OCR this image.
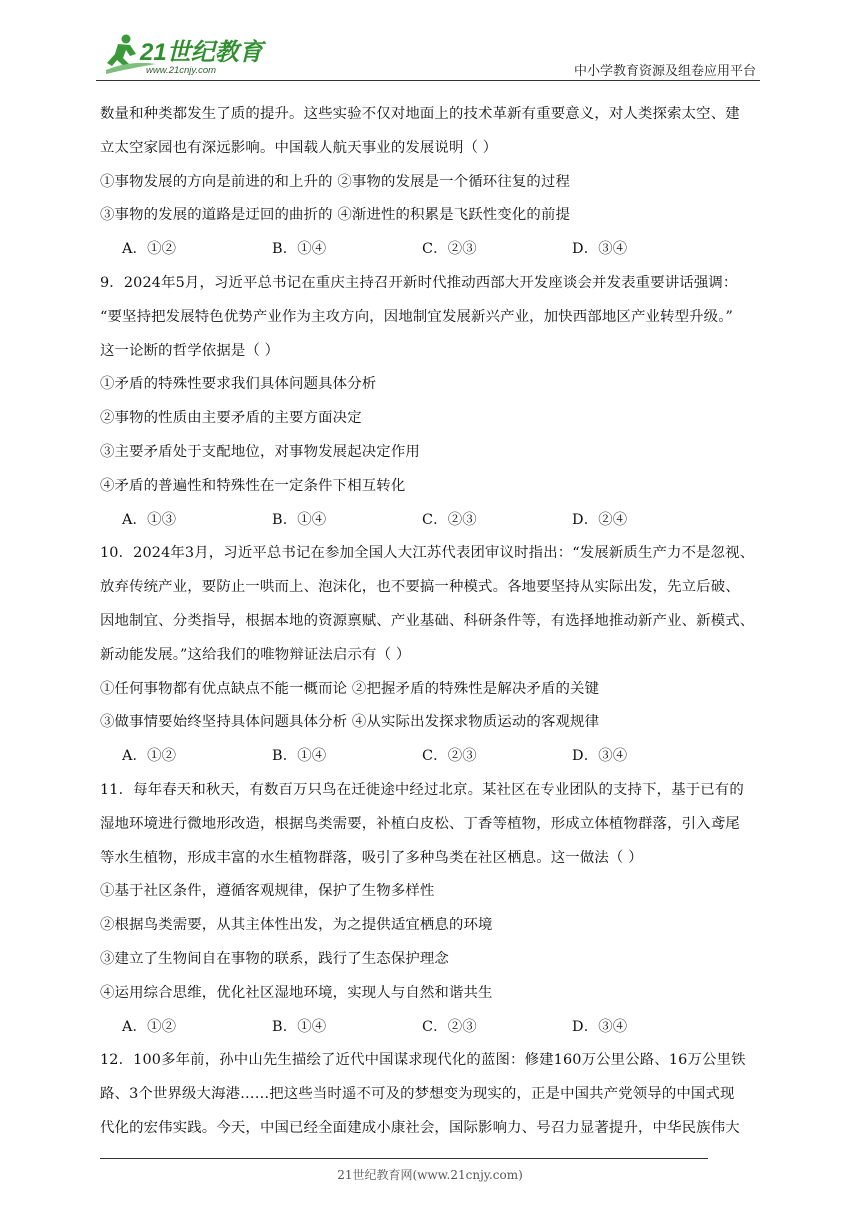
21世纪教育
www.21cnjy.com	中小学教育资源及组卷应用平台
数量和种类都发生了质的提升。这些实验不仅对地面上的技术革新有重要意义，对人类探索太空、建
立太空家园也有深远影响。中国载人航天事业的发展说明（ ）
①事物发展的方向是前进的和上升的 ②事物的发展是一个循环往复的过程
③事物的发展的道路是迂回的曲折的 ④渐进性的积累是飞跃性变化的前提
A．①②	B．①④	C．②③	D．③④
9．2024年5月，习近平总书记在重庆主持召开新时代推动西部大开发座谈会并发表重要讲话强调：
“要坚持把发展特色优势产业作为主攻方向，因地制宜发展新兴产业，加快西部地区产业转型升级。”
这一论断的哲学依据是（ ）
①矛盾的特殊性要求我们具体问题具体分析
②事物的性质由主要矛盾的主要方面决定
③主要矛盾处于支配地位，对事物发展起决定作用
④矛盾的普遍性和特殊性在一定条件下相互转化
A．①③	B．①④	C．②③	D．②④
10．2024年3月，习近平总书记在参加全国人大江苏代表团审议时指出：“发展新质生产力不是忽视、
放弃传统产业，要防止一哄而上、泡沫化，也不要搞一种模式。各地要坚持从实际出发，先立后破、
因地制宜、分类指导，根据本地的资源禀赋、产业基础、科研条件等，有选择地推动新产业、新模式、
新动能发展。”这给我们的唯物辩证法启示有（ ）
①任何事物都有优点缺点不能一概而论 ②把握矛盾的特殊性是解决矛盾的关键
③做事情要始终坚持具体问题具体分析 ④从实际出发探求物质运动的客观规律
A．①②	B．①④	C．②③	D．③④
11．每年春天和秋天，有数百万只鸟在迁徙途中经过北京。某社区在专业团队的支持下，基于已有的
湿地环境进行微地形改造，根据鸟类需要，补植白皮松、丁香等植物，形成立体植物群落，引入鸢尾
等水生植物，形成丰富的水生植物群落，吸引了多种鸟类在社区栖息。这一做法（ ）
①基于社区条件，遵循客观规律，保护了生物多样性
②根据鸟类需要，从其主体性出发，为之提供适宜栖息的环境
③建立了生物间自在事物的联系，践行了生态保护理念
④运用综合思维，优化社区湿地环境，实现人与自然和谐共生
A．①②	B．①④	C．②③	D．③④
12．100多年前，孙中山先生描绘了近代中国谋求现代化的蓝图：修建160万公里公路、16万公里铁
路、3个世界级大海港……把这些当时遥不可及的梦想变为现实的，正是中国共产党领导的中国式现
代化的宏伟实践。今天，中国已经全面建成小康社会，国际影响力、号召力显著提升，中华民族伟大
21世纪教育网(www.21cnjy.com)
